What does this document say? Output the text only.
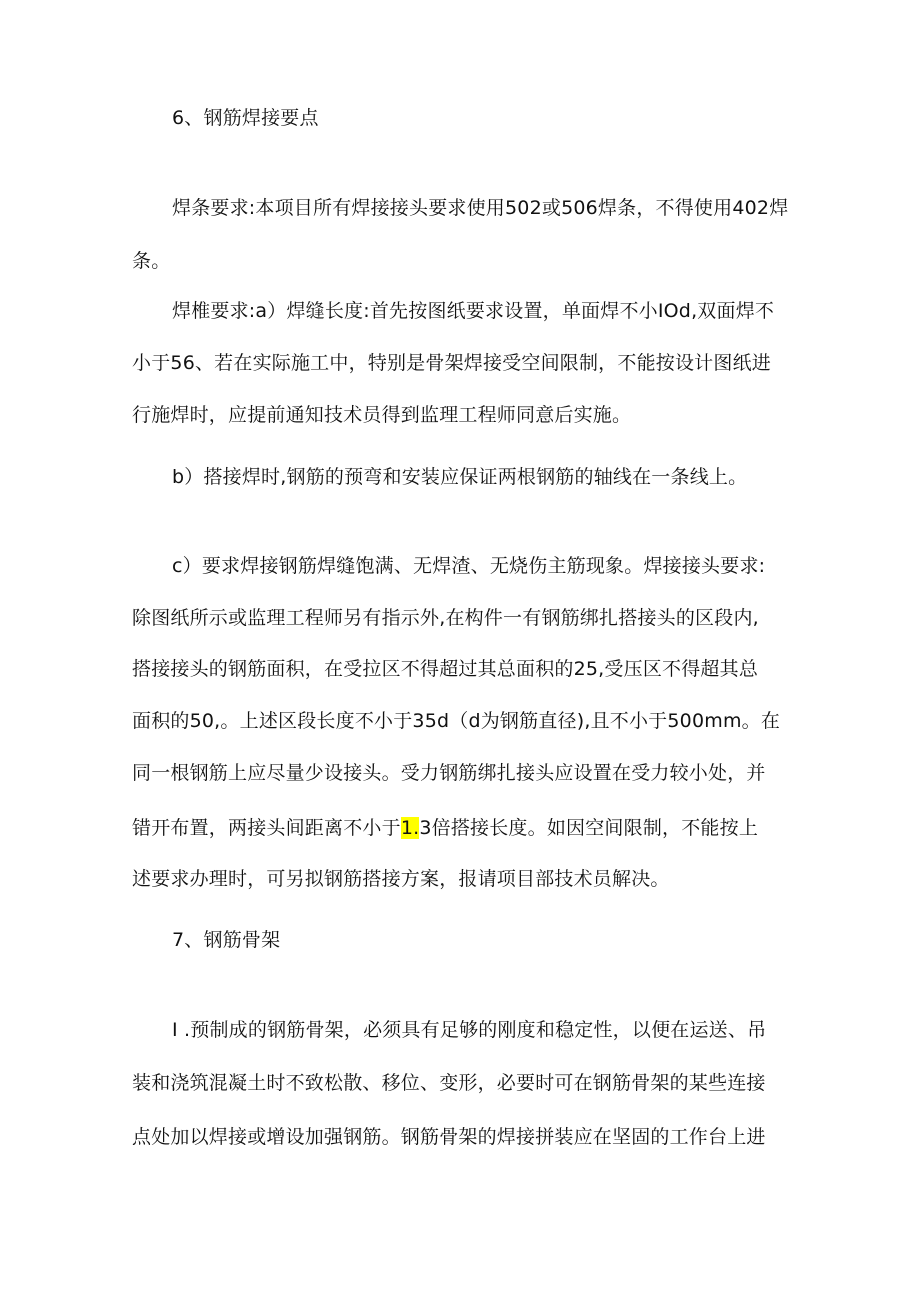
6、钢筋焊接要点
焊条要求:本项目所有焊接接头要求使用502或506焊条，不得使用402焊
条。
焊椎要求:a）焊缝长度:首先按图纸要求设置，单面焊不小IOd,双面焊不
小于56、若在实际施工中，特别是骨架焊接受空间限制，不能按设计图纸进
行施焊时，应提前通知技术员得到监理工程师同意后实施。
b）搭接焊时,钢筋的预弯和安装应保证两根钢筋的轴线在一条线上。
c）要求焊接钢筋焊缝饱满、无焊渣、无烧伤主筋现象。焊接接头要求:
除图纸所示或监理工程师另有指示外,在构件一有钢筋绑扎搭接头的区段内,
搭接接头的钢筋面积，在受拉区不得超过其总面积的25,受压区不得超其总
面积的50,。上述区段长度不小于35d（d为钢筋直径),且不小于500mm。在
同一根钢筋上应尽量少设接头。受力钢筋绑扎接头应设置在受力较小处，并
错开布置，两接头间距离不小于1.3倍搭接长度。如因空间限制，不能按上
述要求办理时，可另拟钢筋搭接方案，报请项目部技术员解决。
7、钢筋骨架
I .预制成的钢筋骨架，必须具有足够的刚度和稳定性，以便在运送、吊
装和浇筑混凝土时不致松散、移位、变形，必要时可在钢筋骨架的某些连接
点处加以焊接或增设加强钢筋。钢筋骨架的焊接拼装应在坚固的工作台上进
